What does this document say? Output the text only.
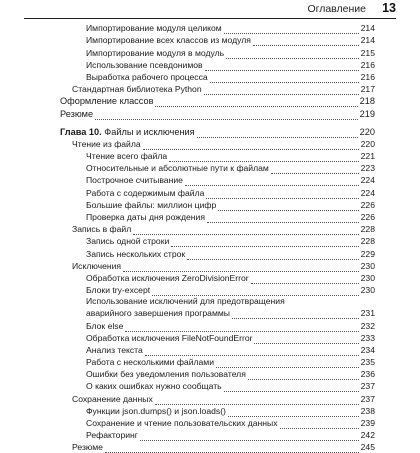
Оглавление 13
Импортирование модуля целиком	214
Импортирование всех классов из модуля	214
Импортирование модуля в модуль	215
Использование псевдонимов	216
Выработка рабочего процесса	216
Стандартная библиотека Python	217
Оформление классов	218
Резюме	219
Глава 10. Файлы и исключения	220
Чтение из файла	220
Чтение всего файла	221
Относительные и абсолютные пути к файлам	223
Построчное считывание	224
Работа с содержимым файла	224
Большие файлы: миллион цифр	226
Проверка даты дня рождения	226
Запись в файл	228
Запись одной строки	228
Запись нескольких строк	229
Исключения	230
Обработка исключения ZeroDivisionError	230
Блоки try-except	230
Использование исключений для предотвращения
аварийного завершения программы	231
Блок else	232
Обработка исключения FileNotFoundError	233
Анализ текста	234
Работа с несколькими файлами	235
Ошибки без уведомления пользователя	236
О каких ошибках нужно сообщать	237
Сохранение данных	237
Функции json.dumps() и json.loads()	238
Сохранение и чтение пользовательских данных	239
Рефакторинг	242
Резюме	245
